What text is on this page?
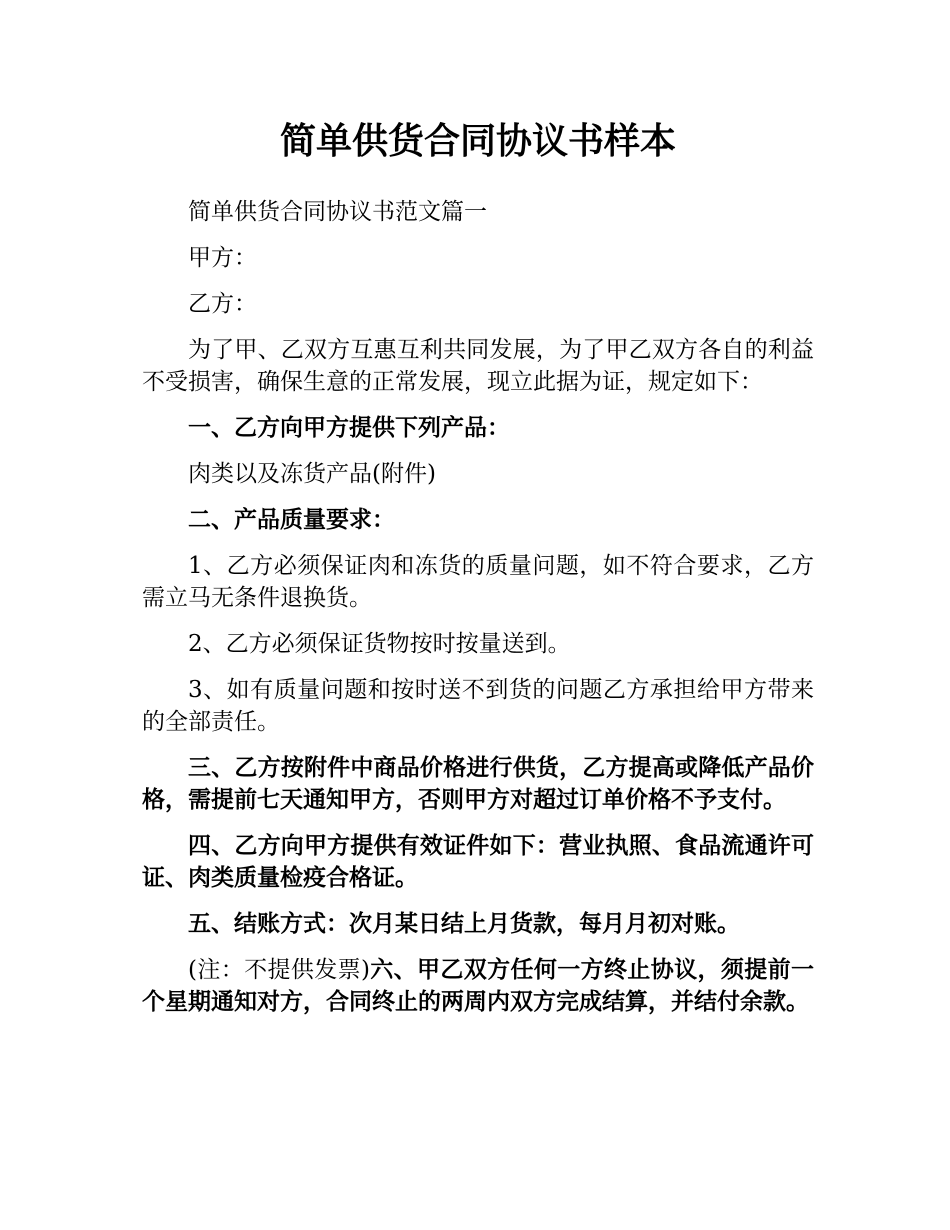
简单供货合同协议书样本

简单供货合同协议书范文篇一

甲方：

乙方：

为了甲、乙双方互惠互利共同发展，为了甲乙双方各自的利益不受损害，确保生意的正常发展，现立此据为证，规定如下：

一、乙方向甲方提供下列产品：

肉类以及冻货产品(附件)

二、产品质量要求：

1、乙方必须保证肉和冻货的质量问题，如不符合要求，乙方需立马无条件退换货。

2、乙方必须保证货物按时按量送到。

3、如有质量问题和按时送不到货的问题乙方承担给甲方带来的全部责任。

三、乙方按附件中商品价格进行供货，乙方提高或降低产品价格，需提前七天通知甲方，否则甲方对超过订单价格不予支付。

四、乙方向甲方提供有效证件如下：营业执照、食品流通许可证、肉类质量检疫合格证。

五、结账方式：次月某日结上月货款，每月月初对账。

(注：不提供发票)六、甲乙双方任何一方终止协议，须提前一个星期通知对方，合同终止的两周内双方完成结算，并结付余款。
